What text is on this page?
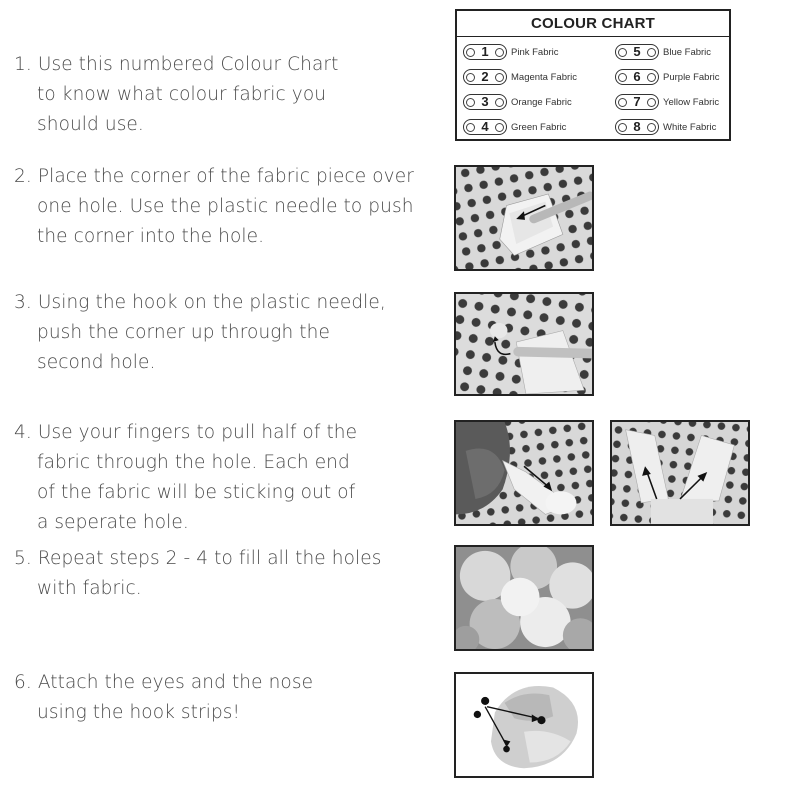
1. Use this numbered Colour Chart
to know what colour fabric you
should use.
2. Place the corner of the fabric piece over
one hole. Use the plastic needle to push
the corner into the hole.
3. Using the hook on the plastic needle,
push the corner up through the
second hole.
4. Use your fingers to pull half of the
fabric through the hole. Each end
of the fabric will be sticking out of
a seperate hole.
5. Repeat steps 2 - 4 to fill all the holes
with fabric.
6. Attach the eyes and the nose
using the hook strips!
COLOUR CHART
1 Pink Fabric
2 Magenta Fabric
3 Orange Fabric
4 Green Fabric
5 Blue Fabric
6 Purple Fabric
7 Yellow Fabric
8 White Fabric
